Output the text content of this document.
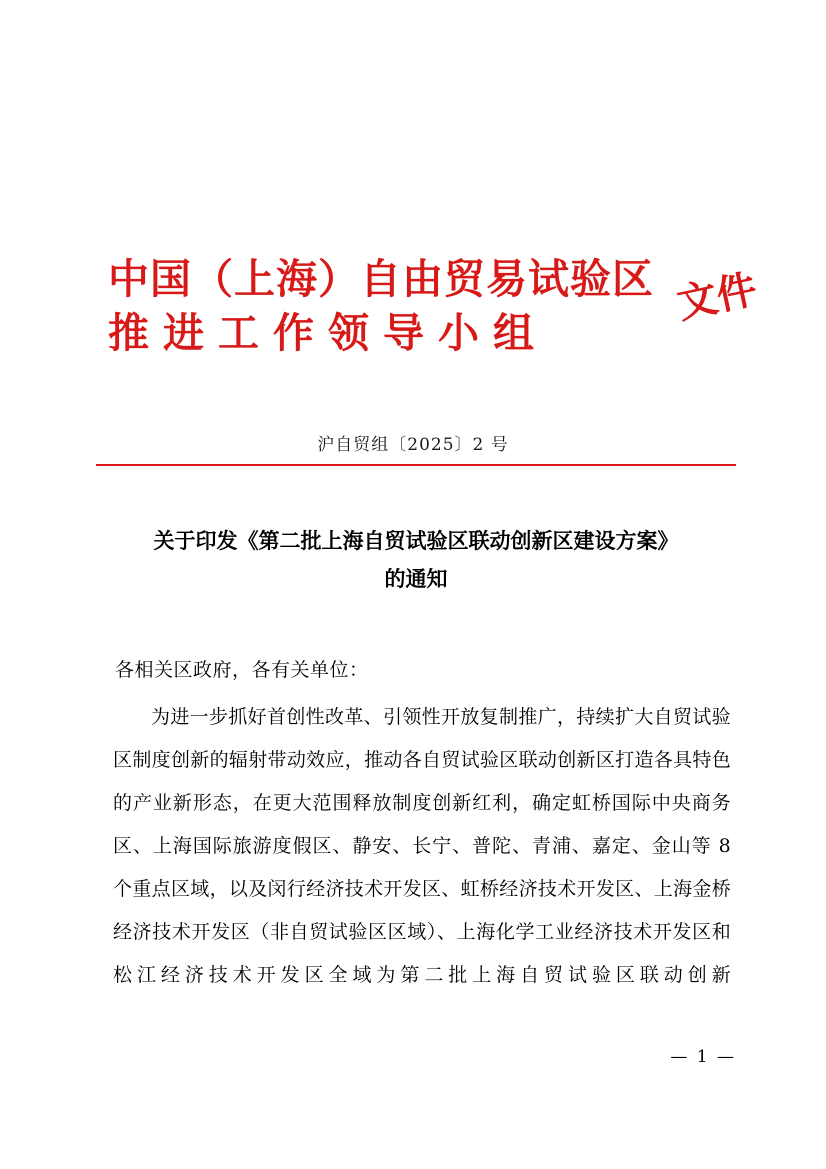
中国（上海）自由贸易试验区
推进工作领导小组
文件
沪自贸组〔2025〕2 号
关于印发《第二批上海自贸试验区联动创新区建设方案》
的通知
各相关区政府，各有关单位：

为进一步抓好首创性改革、引领性开放复制推广，持续扩大自贸试验区制度创新的辐射带动效应，推动各自贸试验区联动创新区打造各具特色的产业新形态，在更大范围释放制度创新红利，确定虹桥国际中央商务区、上海国际旅游度假区、静安、长宁、普陀、青浦、嘉定、金山等 8 个重点区域，以及闵行经济技术开发区、虹桥经济技术开发区、上海金桥经济技术开发区（非自贸试验区区域）、上海化学工业经济技术开发区和松江经济技术开发区全域为第二批上海自贸试验区联动创新

— 1 —
